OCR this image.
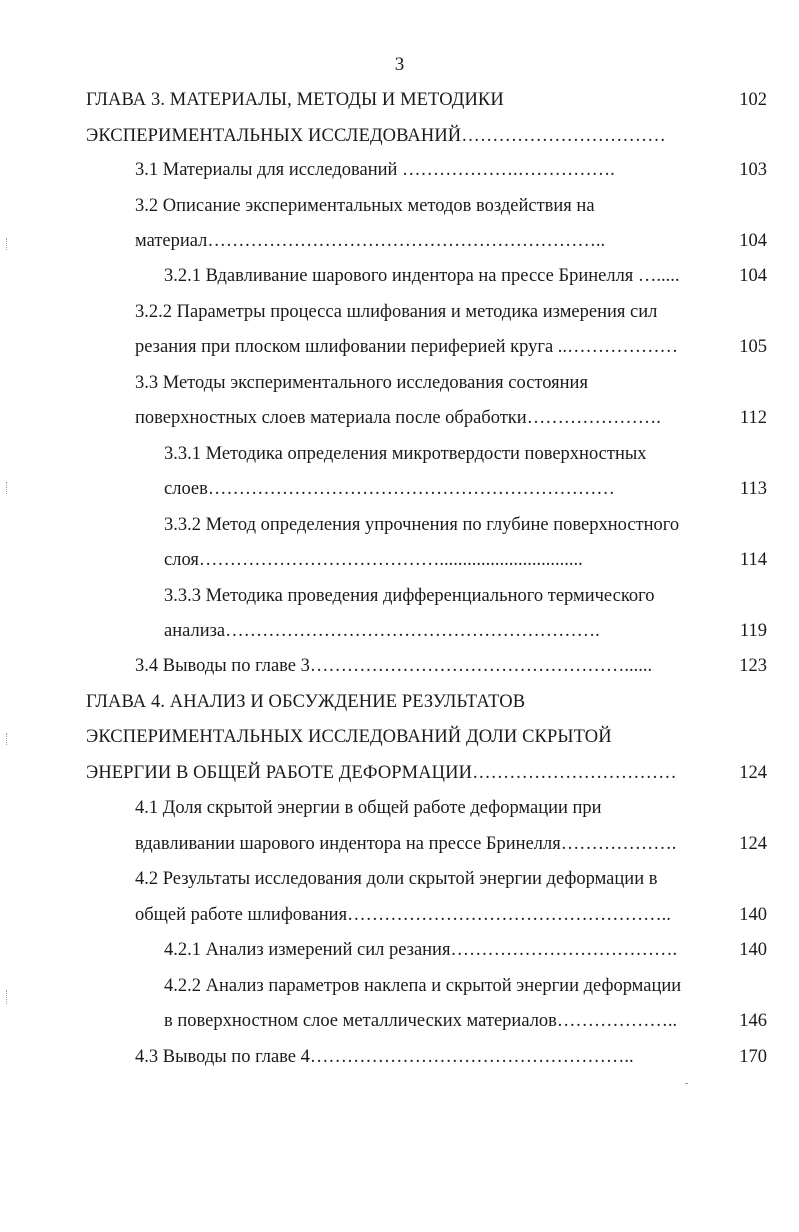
3
ГЛАВА 3. МАТЕРИАЛЫ, МЕТОДЫ И МЕТОДИКИ	102
ЭКСПЕРИМЕНТАЛЬНЫХ ИССЛЕДОВАНИЙ……………………………
3.1 Материалы для исследований ……………….…………….	103
3.2 Описание экспериментальных методов воздействия на
материал………………………………………………………..	104
3.2.1 Вдавливание шарового индентора на прессе Бринелля ….....	104
3.2.2 Параметры процесса шлифования и методика измерения сил
резания при плоском шлифовании периферией круга ..………………	105
3.3 Методы экспериментального исследования состояния
поверхностных слоев материала после обработки………………….	112
3.3.1 Методика определения микротвердости поверхностных
слоев…………………………………………………………	113
3.3.2 Метод определения упрочнения по глубине поверхностного
слоя…………………………………...............................	114
3.3.3 Методика проведения дифференциального термического
анализа…………………………………………………….	119
3.4 Выводы по главе 3……………………………………………......	123
ГЛАВА 4. АНАЛИЗ И ОБСУЖДЕНИЕ РЕЗУЛЬТАТОВ
ЭКСПЕРИМЕНТАЛЬНЫХ ИССЛЕДОВАНИЙ ДОЛИ СКРЫТОЙ
ЭНЕРГИИ В ОБЩЕЙ РАБОТЕ ДЕФОРМАЦИИ……………………………	124
4.1 Доля скрытой энергии в общей работе деформации при
вдавливании шарового индентора на прессе Бринелля……………….	124
4.2 Результаты исследования доли скрытой энергии деформации в
общей работе шлифования……………………………………………..	140
4.2.1 Анализ измерений сил резания……………………………….	140
4.2.2 Анализ параметров наклепа и скрытой энергии деформации
в поверхностном слое металлических материалов………………..	146
4.3 Выводы по главе 4……………………………………………..	170
